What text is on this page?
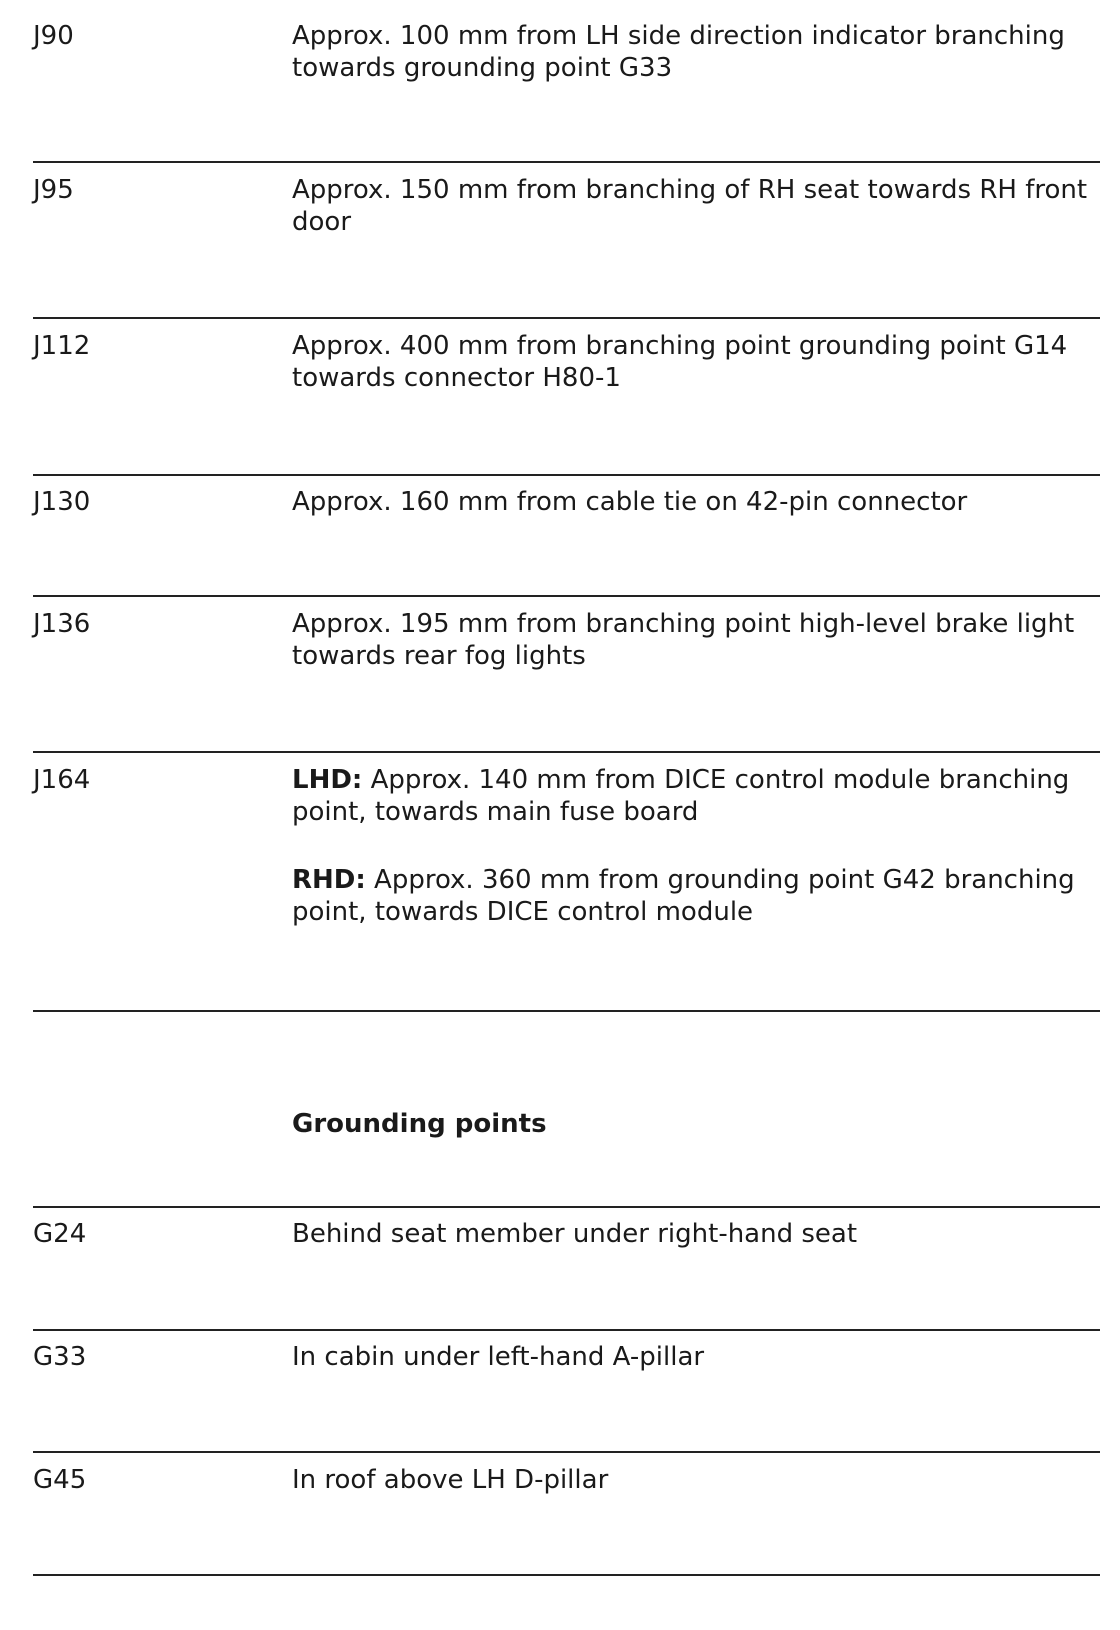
J90	Approx. 100 mm from LH side direction indicator branching towards grounding point G33
J95	Approx. 150 mm from branching of RH seat towards RH front door
J112	Approx. 400 mm from branching point grounding point G14 towards connector H80-1
J130	Approx. 160 mm from cable tie on 42-pin connector
J136	Approx. 195 mm from branching point high-level brake light towards rear fog lights
J164	LHD: Approx. 140 mm from DICE control module branching point, towards main fuse board

RHD: Approx. 360 mm from grounding point G42 branching point, towards DICE control module

Grounding points
G24	Behind seat member under right-hand seat
G33	In cabin under left-hand A-pillar
G45	In roof above LH D-pillar
